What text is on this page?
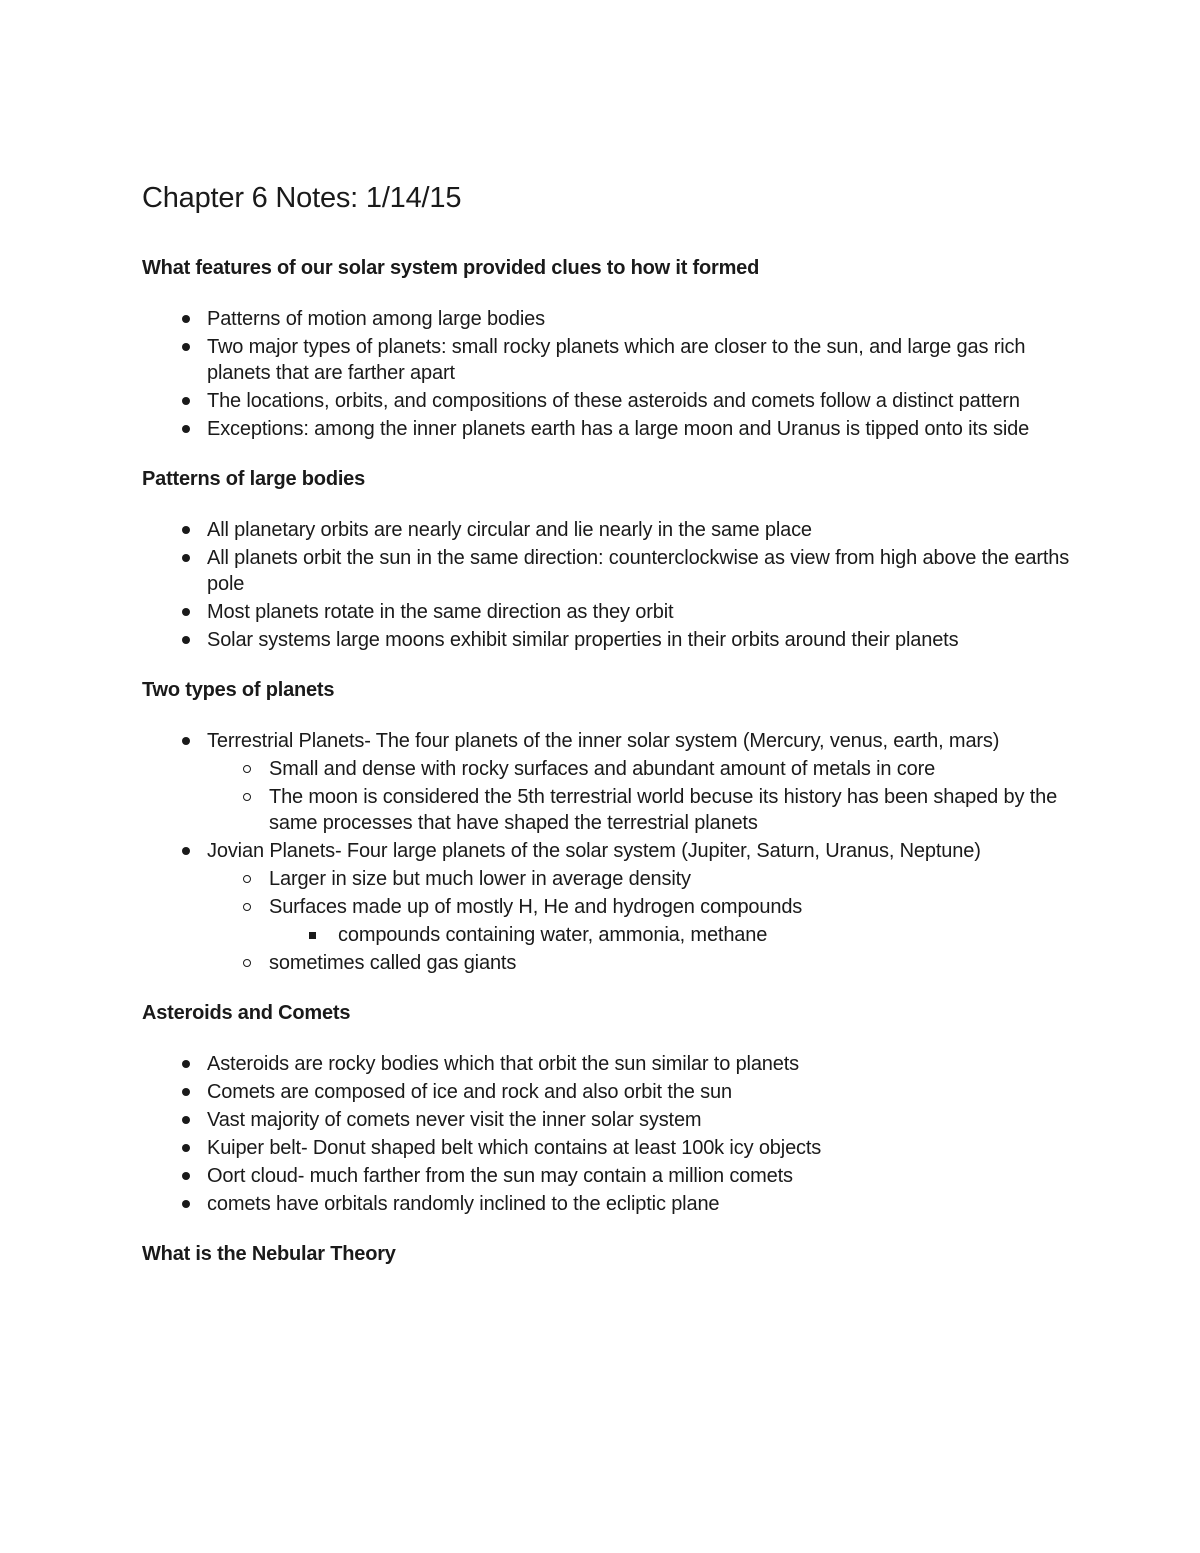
Chapter 6 Notes: 1/14/15
What features of our solar system provided clues to how it formed
Patterns of motion among large bodies
Two major types of planets: small rocky planets which are closer to the sun, and large gas rich planets that are farther apart
The locations, orbits, and compositions of these asteroids and comets follow a distinct pattern
Exceptions: among the inner planets earth has a large moon and Uranus is tipped onto its side
Patterns of large bodies
All planetary orbits are nearly circular and lie nearly in the same place
All planets orbit the sun in the same direction: counterclockwise as view from high above the earths pole
Most planets rotate in the same direction as they orbit
Solar systems large moons exhibit similar properties in their orbits around their planets
Two types of planets
Terrestrial Planets- The four planets of the inner solar system (Mercury, venus, earth, mars)
Small and dense with rocky surfaces and abundant amount of metals in core
The moon is considered the 5th terrestrial world becuse its history has been shaped by the same processes that have shaped the terrestrial planets
Jovian Planets- Four large planets of the solar system (Jupiter, Saturn, Uranus, Neptune)
Larger in size but much lower in average density
Surfaces made up of mostly H, He and hydrogen compounds
compounds containing water, ammonia, methane
sometimes called gas giants
Asteroids and Comets
Asteroids are rocky bodies which that orbit the sun similar to planets
Comets are composed of ice and rock and also orbit the sun
Vast majority of comets never visit the inner solar system
Kuiper belt- Donut shaped belt which contains at least 100k icy objects
Oort cloud- much farther from the sun may contain a million comets
comets have orbitals randomly inclined to the ecliptic plane
What is the Nebular Theory
